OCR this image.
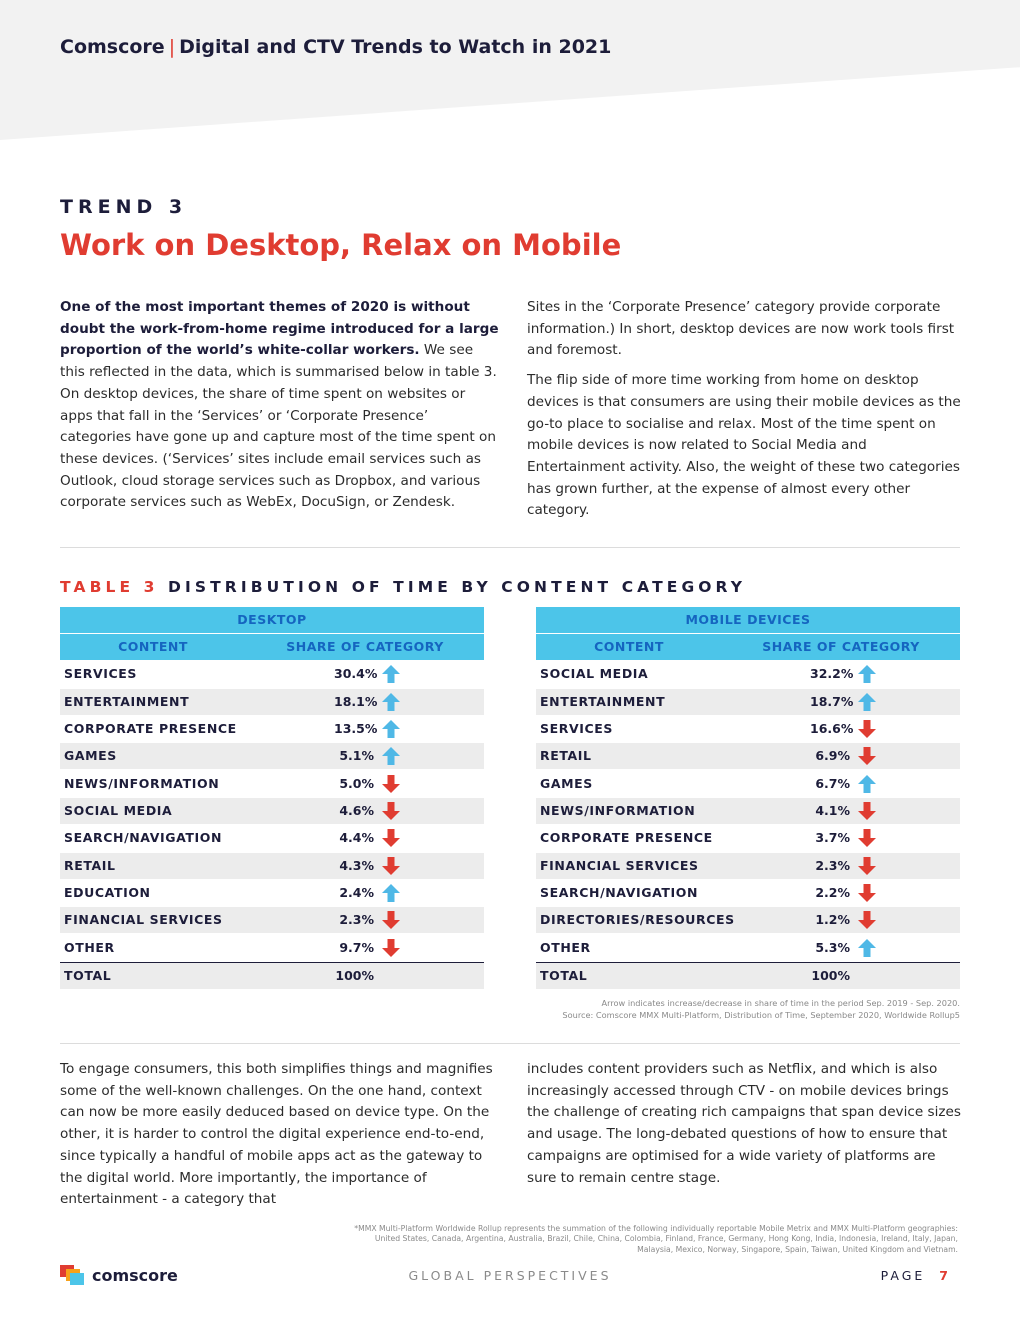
Comscore | Digital and CTV Trends to Watch in 2021
TREND 3
Work on Desktop, Relax on Mobile

One of the most important themes of 2020 is without doubt the work-from-home regime introduced for a large proportion of the world’s white-collar workers. We see this reflected in the data, which is summarised below in table 3. On desktop devices, the share of time spent on websites or apps that fall in the ‘Services’ or ‘Corporate Presence’ categories have gone up and capture most of the time spent on these devices. (‘Services’ sites include email services such as Outlook, cloud storage services such as Dropbox, and various corporate services such as WebEx, DocuSign, or Zendesk.

Sites in the ‘Corporate Presence’ category provide corporate information.) In short, desktop devices are now work tools first and foremost.

The flip side of more time working from home on desktop devices is that consumers are using their mobile devices as the go-to place to socialise and relax. Most of the time spent on mobile devices is now related to Social Media and Entertainment activity. Also, the weight of these two categories has grown further, at the expense of almost every other category.

TABLE 3 DISTRIBUTION OF TIME BY CONTENT CATEGORY
DESKTOP
CONTENT	SHARE OF CATEGORY
SERVICES	30.4%
ENTERTAINMENT	18.1%
CORPORATE PRESENCE	13.5%
GAMES	5.1%
NEWS/INFORMATION	5.0%
SOCIAL MEDIA	4.6%
SEARCH/NAVIGATION	4.4%
RETAIL	4.3%
EDUCATION	2.4%
FINANCIAL SERVICES	2.3%
OTHER	9.7%
TOTAL	100%
MOBILE DEVICES
CONTENT	SHARE OF CATEGORY
SOCIAL MEDIA	32.2%
ENTERTAINMENT	18.7%
SERVICES	16.6%
RETAIL	6.9%
GAMES	6.7%
NEWS/INFORMATION	4.1%
CORPORATE PRESENCE	3.7%
FINANCIAL SERVICES	2.3%
SEARCH/NAVIGATION	2.2%
DIRECTORIES/RESOURCES	1.2%
OTHER	5.3%
TOTAL	100%
Arrow indicates increase/decrease in share of time in the period Sep. 2019 - Sep. 2020.
Source: Comscore MMX Multi-Platform, Distribution of Time, September 2020, Worldwide Rollup5

To engage consumers, this both simplifies things and magnifies some of the well-known challenges. On the one hand, context can now be more easily deduced based on device type. On the other, it is harder to control the digital experience end-to-end, since typically a handful of mobile apps act as the gateway to the digital world. More importantly, the importance of entertainment - a category that

includes content providers such as Netflix, and which is also increasingly accessed through CTV - on mobile devices brings the challenge of creating rich campaigns that span device sizes and usage. The long-debated questions of how to ensure that campaigns are optimised for a wide variety of platforms are sure to remain centre stage.

*MMX Multi-Platform Worldwide Rollup represents the summation of the following individually reportable Mobile Metrix and MMX Multi-Platform geographies: United States, Canada, Argentina, Australia, Brazil, Chile, China, Colombia, Finland, France, Germany, Hong Kong, India, Indonesia, Ireland, Italy, Japan, Malaysia, Mexico, Norway, Singapore, Spain, Taiwan, United Kingdom and Vietnam.
comscore	GLOBAL PERSPECTIVES	PAGE 7
